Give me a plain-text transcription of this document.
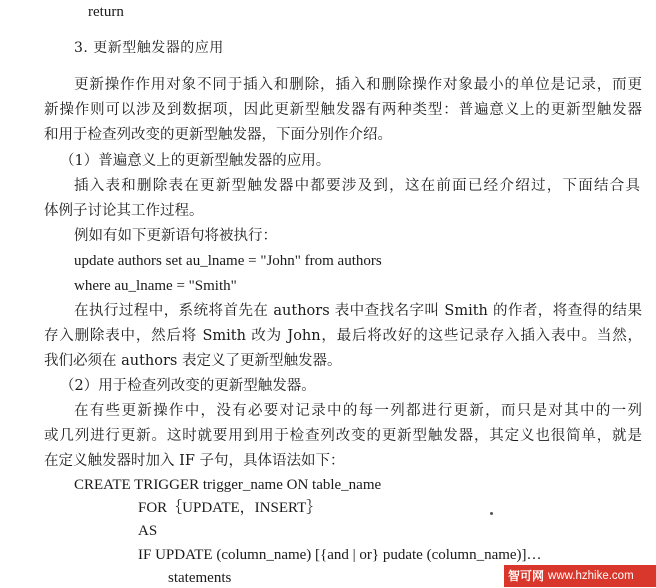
return
3. 更新型触发器的应用
更新操作作用对象不同于插入和删除，插入和删除操作对象最小的单位是记录，而更
新操作则可以涉及到数据项，因此更新型触发器有两种类型：普遍意义上的更新型触发器
和用于检查列改变的更新型触发器，下面分别作介绍。
（1）普遍意义上的更新型触发器的应用。
插入表和删除表在更新型触发器中都要涉及到，这在前面已经介绍过，下面结合具
体例子讨论其工作过程。
例如有如下更新语句将被执行：
update authors set au_lname = "John" from authors
where au_lname = "Smith"
在执行过程中，系统将首先在 authors 表中查找名字叫 Smith 的作者，将查得的结果
存入删除表中，然后将 Smith 改为 John，最后将改好的这些记录存入插入表中。当然，
我们必须在 authors 表定义了更新型触发器。
（2）用于检查列改变的更新型触发器。
在有些更新操作中，没有必要对记录中的每一列都进行更新，而只是对其中的一列
或几列进行更新。这时就要用到用于检查列改变的更新型触发器，其定义也很简单，就是
在定义触发器时加入 IF 子句，具体语法如下：
CREATE TRIGGER trigger_name ON table_name
FOR｛UPDATE，INSERT｝
AS
IF UPDATE (column_name) [{and | or} pudate (column_name)]…
statements	智可网 www.hzhike.com
